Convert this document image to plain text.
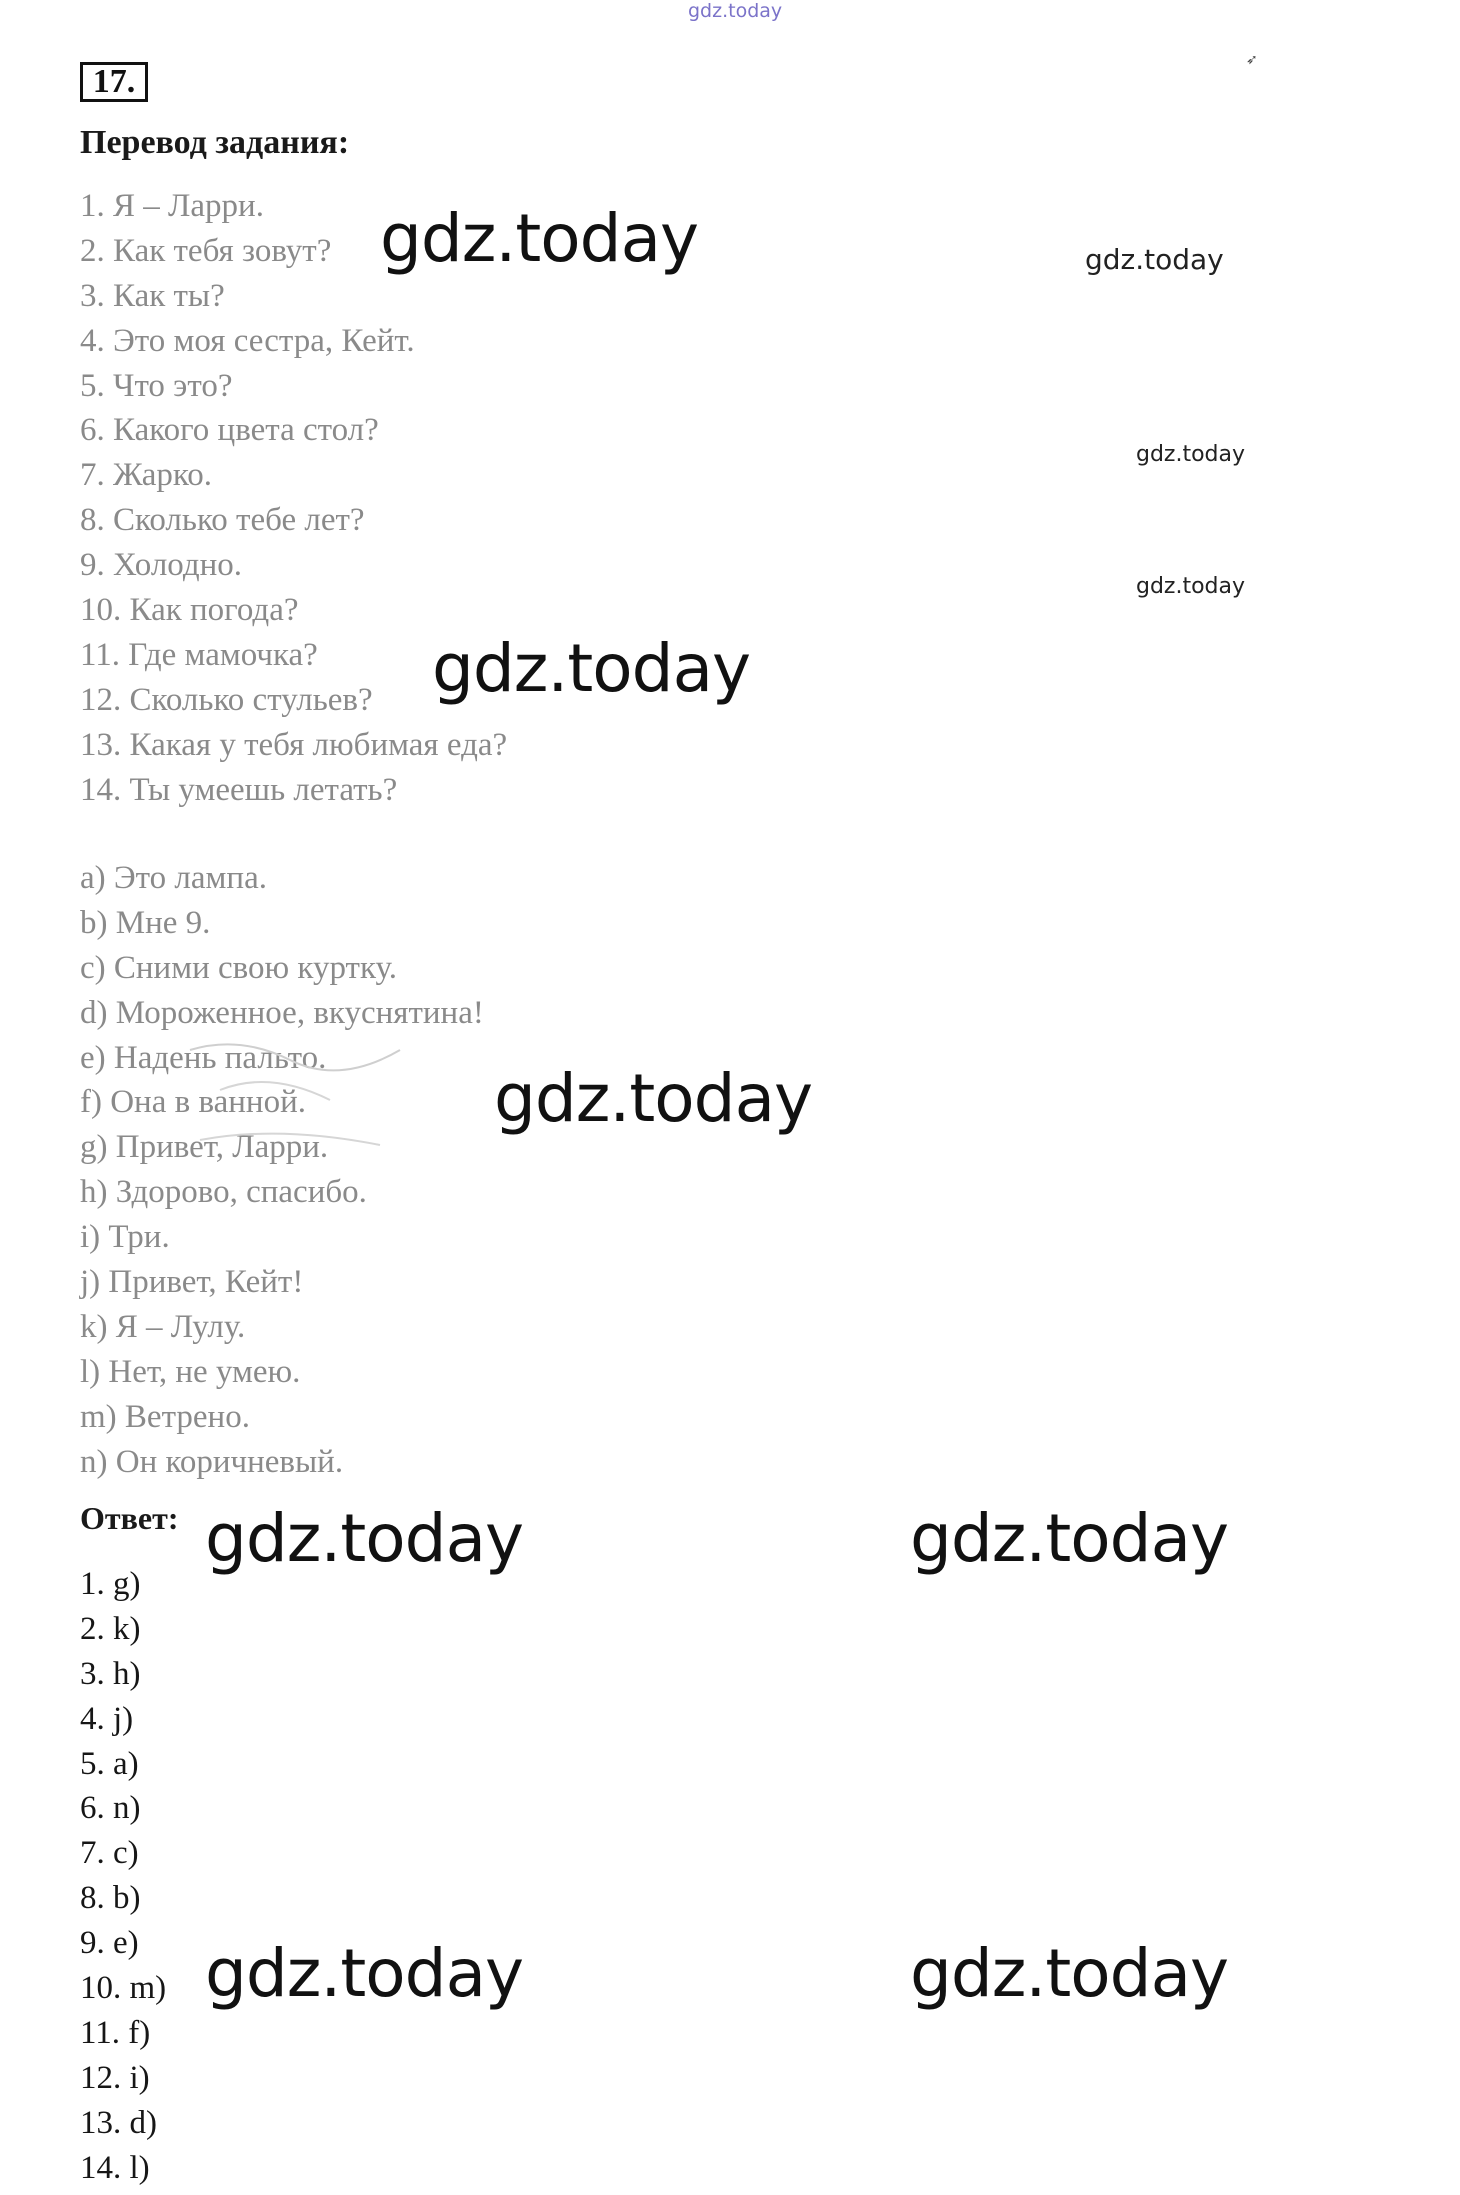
gdz.today
➶
17.
Перевод задания:
1. Я – Ларри.
2. Как тебя зовут?
3. Как ты?
4. Это моя сестра, Кейт.
5. Что это?
6. Какого цвета стол?
7. Жарко.
8. Сколько тебе лет?
9. Холодно.
10. Как погода?
11. Где мамочка?
12. Сколько стульев?
13. Какая у тебя любимая еда?
14. Ты умеешь летать?
a) Это лампа.
b) Мне 9.
c) Сними свою куртку.
d) Мороженное, вкуснятина!
e) Надень пальто.
f) Она в ванной.
g) Привет, Ларри.
h) Здорово, спасибо.
i) Три.
j) Привет, Кейт!
k) Я – Лулу.
l) Нет, не умею.
m) Ветрено.
n) Он коричневый.
Ответ:
1. g)
2. k)
3. h)
4. j)
5. a)
6. n)
7. c)
8. b)
9. e)
10. m)
11. f)
12. i)
13. d)
14. l)
gdz.today	gdz.today
gdz.today
gdz.today
gdz.today
gdz.today
gdz.today	gdz.today
gdz.today	gdz.today
